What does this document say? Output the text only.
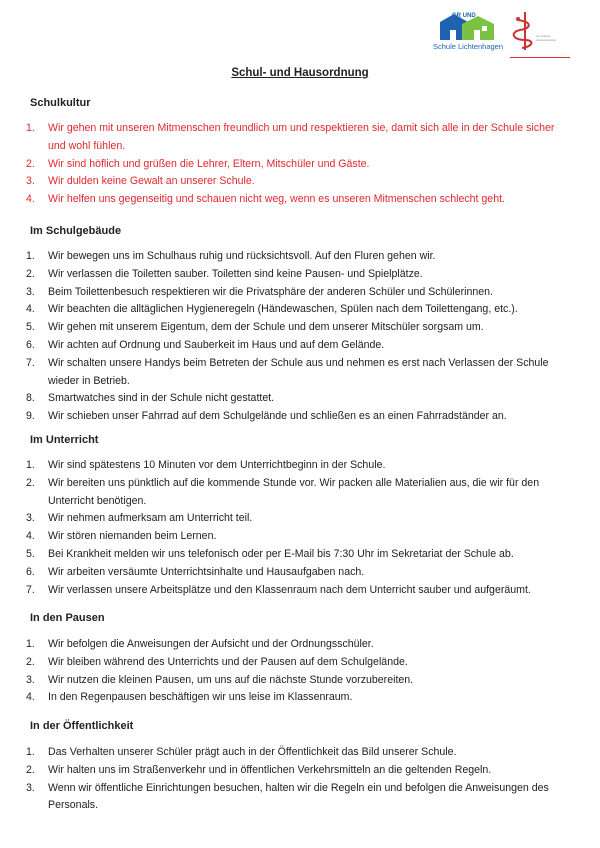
GR UND
Schule Lichtenhagen
▭ ▭▭▭
▭▭▭▭▭▭
Schul- und Hausordnung
Schulkultur
1. Wir gehen mit unseren Mitmenschen freundlich um und respektieren sie, damit sich alle in der Schule sicher und wohl fühlen.
2. Wir sind höflich und grüßen die Lehrer, Eltern, Mitschüler und Gäste.
3. Wir dulden keine Gewalt an unserer Schule.
4. Wir helfen uns gegenseitig und schauen nicht weg, wenn es unseren Mitmenschen schlecht geht.
Im Schulgebäude
1. Wir bewegen uns im Schulhaus ruhig und rücksichtsvoll. Auf den Fluren gehen wir.
2. Wir verlassen die Toiletten sauber. Toiletten sind keine Pausen- und Spielplätze.
3. Beim Toilettenbesuch respektieren wir die Privatsphäre der anderen Schüler und Schülerinnen.
4. Wir beachten die alltäglichen Hygieneregeln (Händewaschen, Spülen nach dem Toilettengang, etc.).
5. Wir gehen mit unserem Eigentum, dem der Schule und dem unserer Mitschüler sorgsam um.
6. Wir achten auf Ordnung und Sauberkeit im Haus und auf dem Gelände.
7. Wir schalten unsere Handys beim Betreten der Schule aus und nehmen es erst nach Verlassen der Schule wieder in Betrieb.
8. Smartwatches sind in der Schule nicht gestattet.
9. Wir schieben unser Fahrrad auf dem Schulgelände und schließen es an einen Fahrradständer an.
Im Unterricht
1. Wir sind spätestens 10 Minuten vor dem Unterrichtbeginn in der Schule.
2. Wir bereiten uns pünktlich auf die kommende Stunde vor. Wir packen alle Materialien aus, die wir für den Unterricht benötigen.
3. Wir nehmen aufmerksam am Unterricht teil.
4. Wir stören niemanden beim Lernen.
5. Bei Krankheit melden wir uns telefonisch oder per E-Mail bis 7:30 Uhr im Sekretariat der Schule ab.
6. Wir arbeiten versäumte Unterrichtsinhalte und Hausaufgaben nach.
7. Wir verlassen unsere Arbeitsplätze und den Klassenraum nach dem Unterricht sauber und aufgeräumt.
In den Pausen
1. Wir befolgen die Anweisungen der Aufsicht und der Ordnungsschüler.
2. Wir bleiben während des Unterrichts und der Pausen auf dem Schulgelände.
3. Wir nutzen die kleinen Pausen, um uns auf die nächste Stunde vorzubereiten.
4. In den Regenpausen beschäftigen wir uns leise im Klassenraum.
In der Öffentlichkeit
1. Das Verhalten unserer Schüler prägt auch in der Öffentlichkeit das Bild unserer Schule.
2. Wir halten uns im Straßenverkehr und in öffentlichen Verkehrsmitteln an die geltenden Regeln.
3. Wenn wir öffentliche Einrichtungen besuchen, halten wir die Regeln ein und befolgen die Anweisungen des Personals.
